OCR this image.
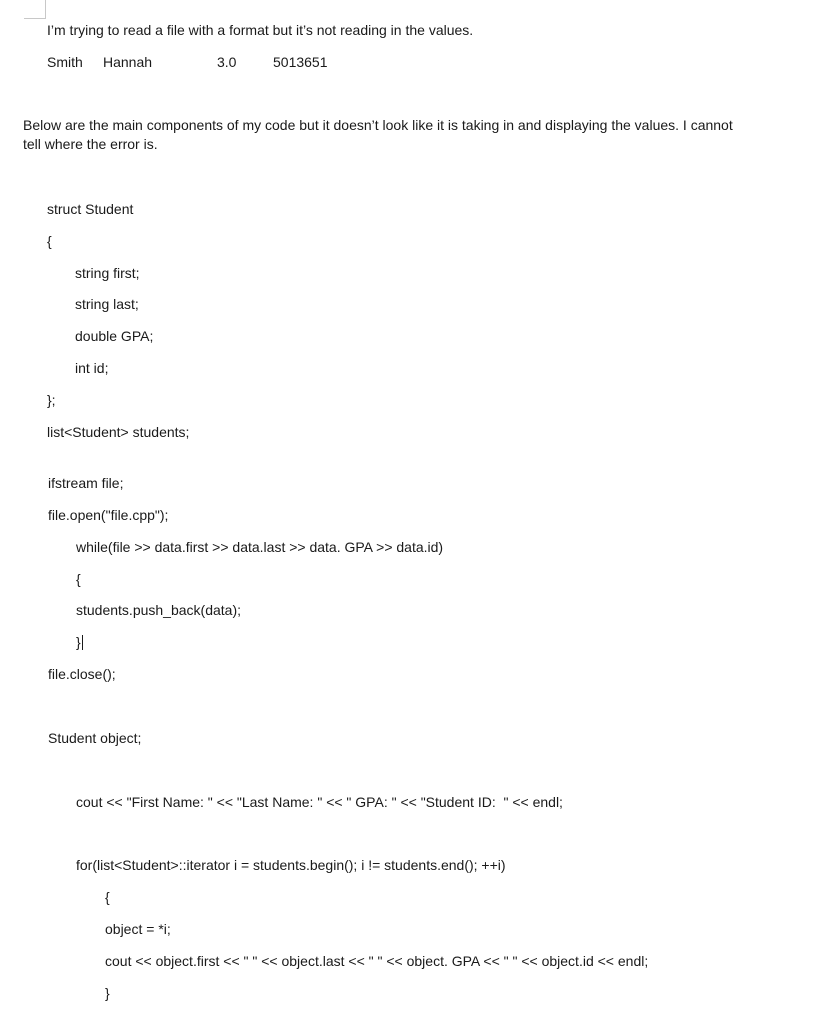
I’m trying to read a file with a format but it’s not reading in the values.
Smith Hannah	3.0	5013651
Below are the main components of my code but it doesn’t look like it is taking in and displaying the values. I cannot
tell where the error is.
struct Student
{
string first;
string last;
double GPA;
int id;
};
list<Student> students;
ifstream file;
file.open("file.cpp");
while(file >> data.first >> data.last >> data. GPA >> data.id)
{
students.push_back(data);
}
file.close();
Student object;
cout << "First Name: " << "Last Name: " << " GPA: " << "Student ID:  " << endl;
for(list<Student>::iterator i = students.begin(); i != students.end(); ++i)
{
object = *i;
cout << object.first << " " << object.last << " " << object. GPA << " " << object.id << endl;
}
